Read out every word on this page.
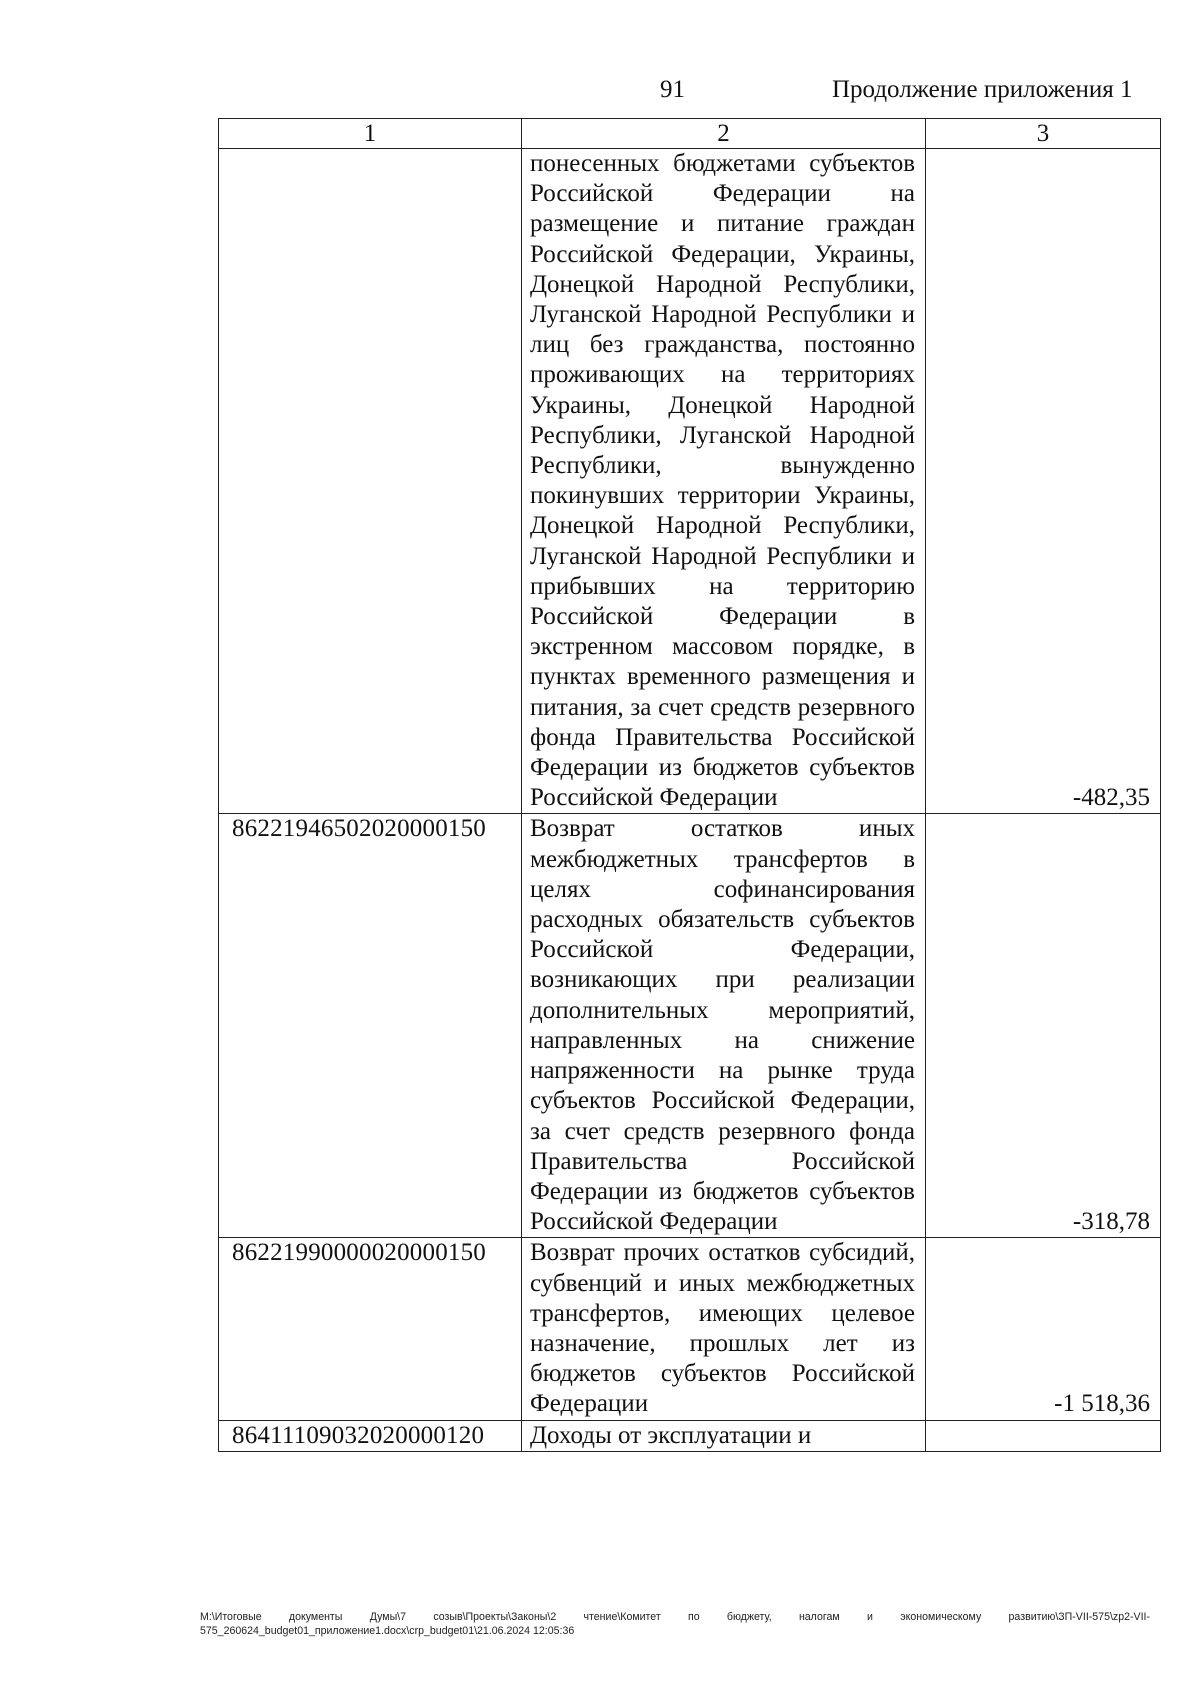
91	Продолжение приложения 1
1	2	3
	понесенных бюджетами субъектов Российской Федерации на размещение и питание граждан Российской Федерации, Украины, Донецкой Народной Республики, Луганской Народной Республики и лиц без гражданства, постоянно проживающих на территориях Украины, Донецкой Народной Республики, Луганской Народной Республики, вынужденно покинувших территории Украины, Донецкой Народной Республики, Луганской Народной Республики и прибывших на территорию Российской Федерации в экстренном массовом порядке, в пунктах временного размещения и питания, за счет средств резервного фонда Правительства Российской Федерации из бюджетов субъектов Российской Федерации	-482,35
86221946502020000150	Возврат остатков иных межбюджетных трансфертов в целях софинансирования расходных обязательств субъектов Российской Федерации, возникающих при реализации дополнительных мероприятий, направленных на снижение напряженности на рынке труда субъектов Российской Федерации, за счет средств резервного фонда Правительства Российской Федерации из бюджетов субъектов Российской Федерации	-318,78
86221990000020000150	Возврат прочих остатков субсидий, субвенций и иных межбюджетных трансфертов, имеющих целевое назначение, прошлых лет из бюджетов субъектов Российской Федерации	-1 518,36
86411109032020000120	Доходы от эксплуатации и	
M:\Итоговые документы Думы\7 созыв\Проекты\Законы\2 чтение\Комитет по бюджету, налогам и экономическому развитию\ЗП-VII-575\zp2-VII-575_260624_budget01_приложение1.docx\crp_budget01\21.06.2024 12:05:36
